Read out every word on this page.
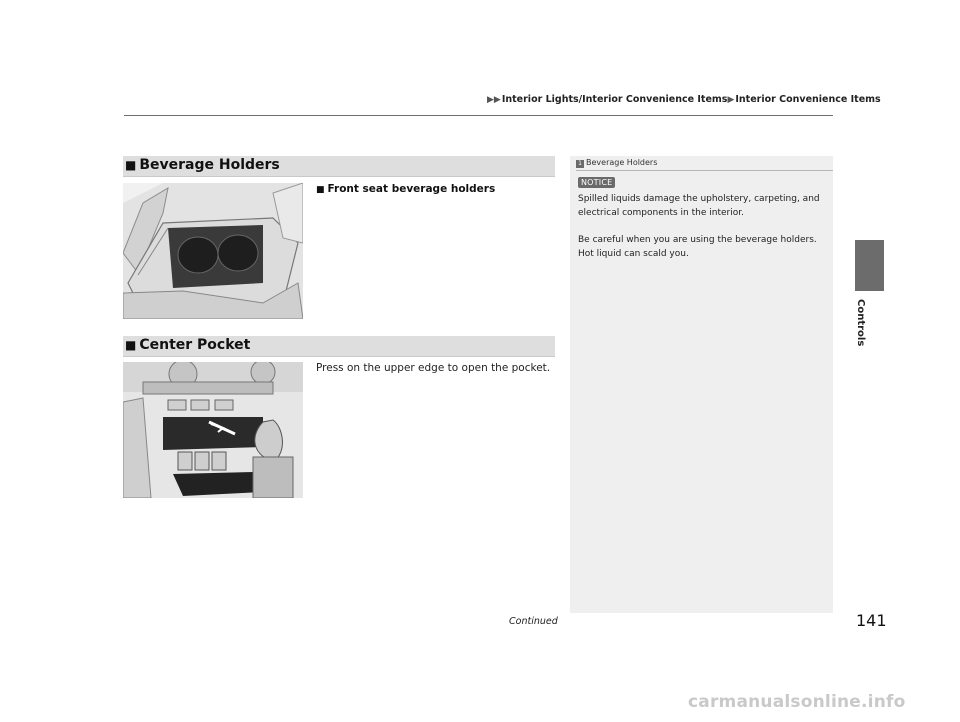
▶▶Interior Lights/Interior Convenience Items▶Interior Convenience Items
Controls
■ Beverage Holders
■ Front seat beverage holders
■ Center Pocket
Press on the upper edge to open the pocket.
1 Beverage Holders
NOTICE
Spilled liquids damage the upholstery, carpeting, and electrical components in the interior.
Be careful when you are using the beverage holders. Hot liquid can scald you.
Continued	141
carmanualsonline.info
